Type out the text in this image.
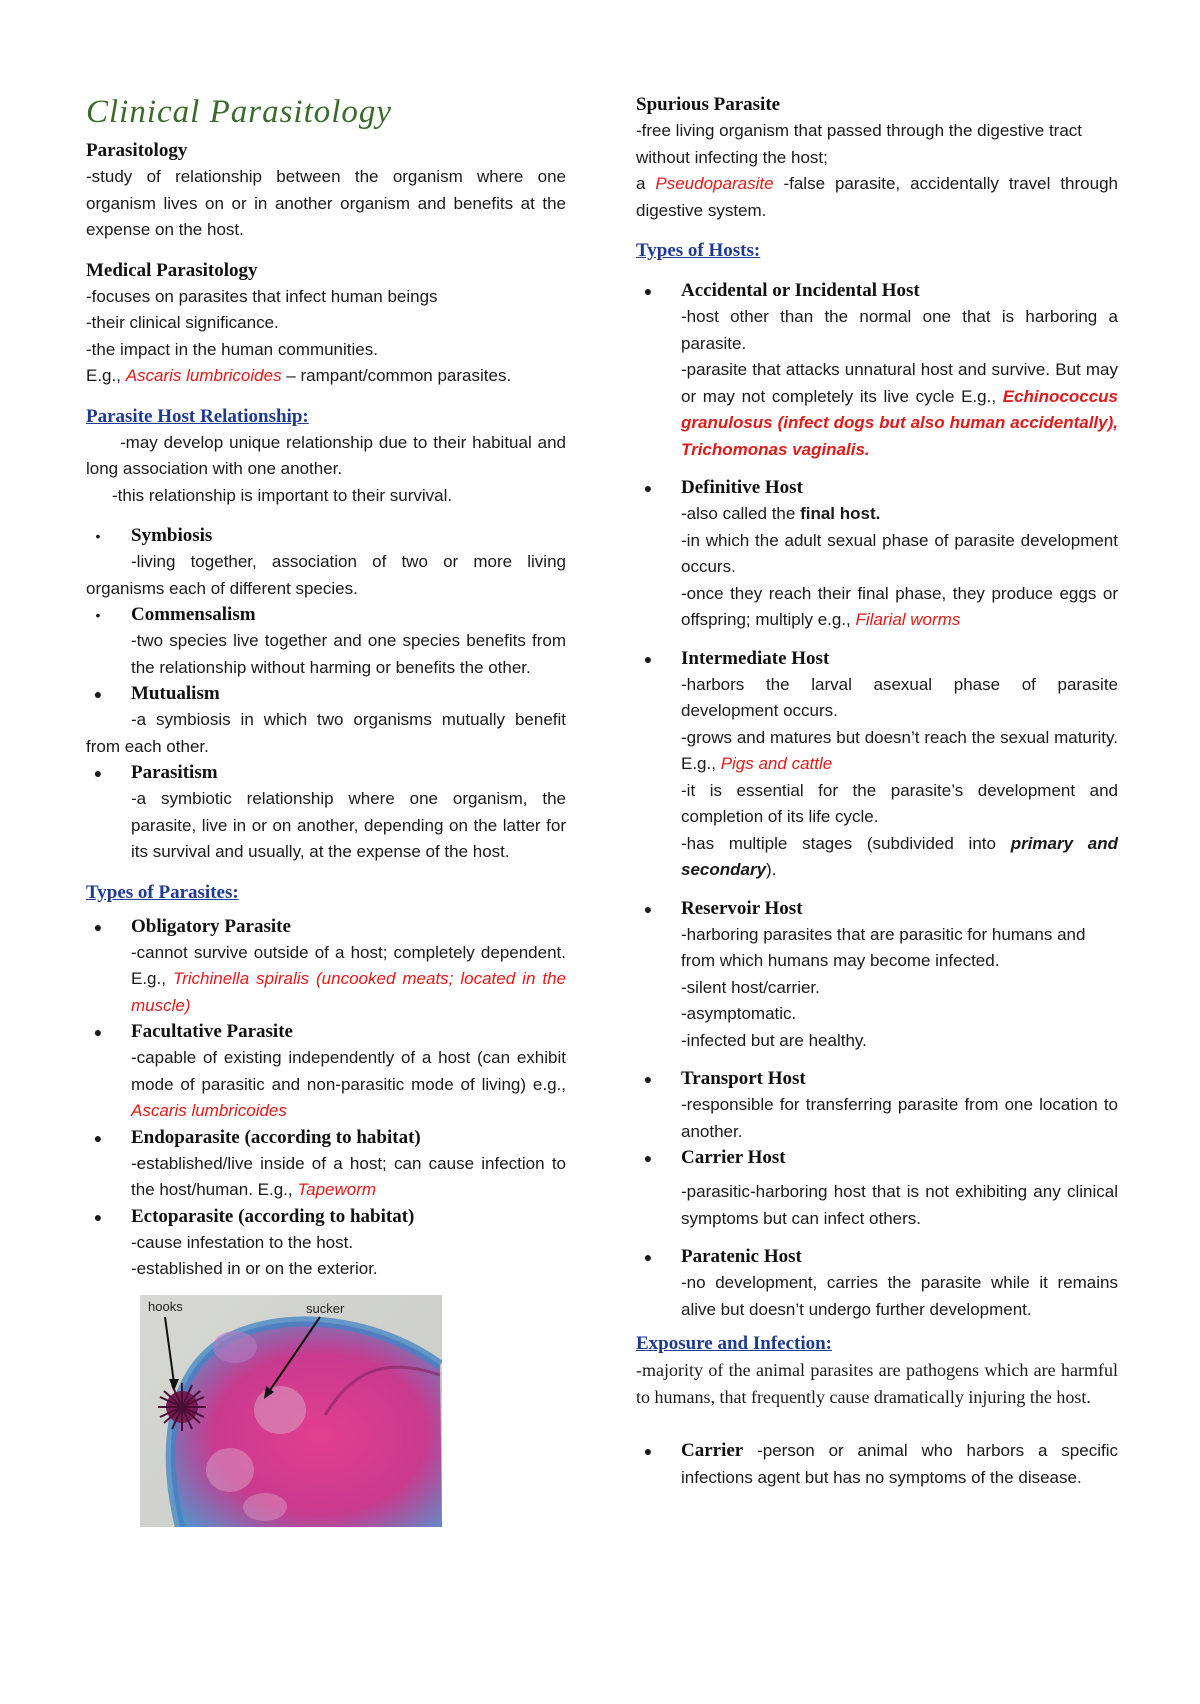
Clinical Parasitology
Parasitology

-study of relationship between the organism where one organism lives on or in another organism and benefits at the expense on the host.

Medical Parasitology

-focuses on parasites that infect human beings

-their clinical significance.

-the impact in the human communities.

E.g., Ascaris lumbricoides – rampant/common parasites.

Parasite Host Relationship:

-may develop unique relationship due to their habitual and long association with one another.

-this relationship is important to their survival.

•	Symbiosis

-living together, association of two or more living organisms each of different species.

•	Commensalism

-two species live together and one species benefits from the relationship without harming or benefits the other.

●	Mutualism

-a symbiosis in which two organisms mutually benefit from each other.

●	Parasitism

-a symbiotic relationship where one organism, the parasite, live in or on another, depending on the latter for its survival and usually, at the expense of the host.

Types of Parasites:
●	Obligatory Parasite

-cannot survive outside of a host; completely dependent. E.g., Trichinella spiralis (uncooked meats; located in the muscle)

●	Facultative Parasite

-capable of existing independently of a host (can exhibit mode of parasitic and non-parasitic mode of living) e.g., Ascaris lumbricoides

●	Endoparasite (according to habitat)

-established/live inside of a host; can cause infection to the host/human. E.g., Tapeworm

●	Ectoparasite (according to habitat)

-cause infestation to the host.

-established in or on the exterior.

hooks	sucker
Spurious Parasite

-free living organism that passed through the digestive tract without infecting the host;

a Pseudoparasite -false parasite, accidentally travel through digestive system.

Types of Hosts:
●	Accidental or Incidental Host

-host other than the normal one that is harboring a parasite.

-parasite that attacks unnatural host and survive. But may or may not completely its live cycle E.g., Echinococcus granulosus (infect dogs but also human accidentally), Trichomonas vaginalis.

●	Definitive Host

-also called the final host.

-in which the adult sexual phase of parasite development occurs.

-once they reach their final phase, they produce eggs or offspring; multiply e.g., Filarial worms

●	Intermediate Host

-harbors the larval asexual phase of parasite development occurs.

-grows and matures but doesn’t reach the sexual maturity. E.g., Pigs and cattle

-it is essential for the parasite’s development and completion of its life cycle.

-has multiple stages (subdivided into primary and secondary).

●	Reservoir Host

-harboring parasites that are parasitic for humans and from which humans may become infected.

-silent host/carrier.

-asymptomatic.

-infected but are healthy.

●	Transport Host

-responsible for transferring parasite from one location to another.

●	Carrier Host

-parasitic-harboring host that is not exhibiting any clinical symptoms but can infect others.

●	Paratenic Host

-no development, carries the parasite while it remains alive but doesn’t undergo further development.

Exposure and Infection:

-majority of the animal parasites are pathogens which are harmful to humans, that frequently cause dramatically injuring the host.

●	Carrier -person or animal who harbors a specific infections agent but has no symptoms of the disease.
